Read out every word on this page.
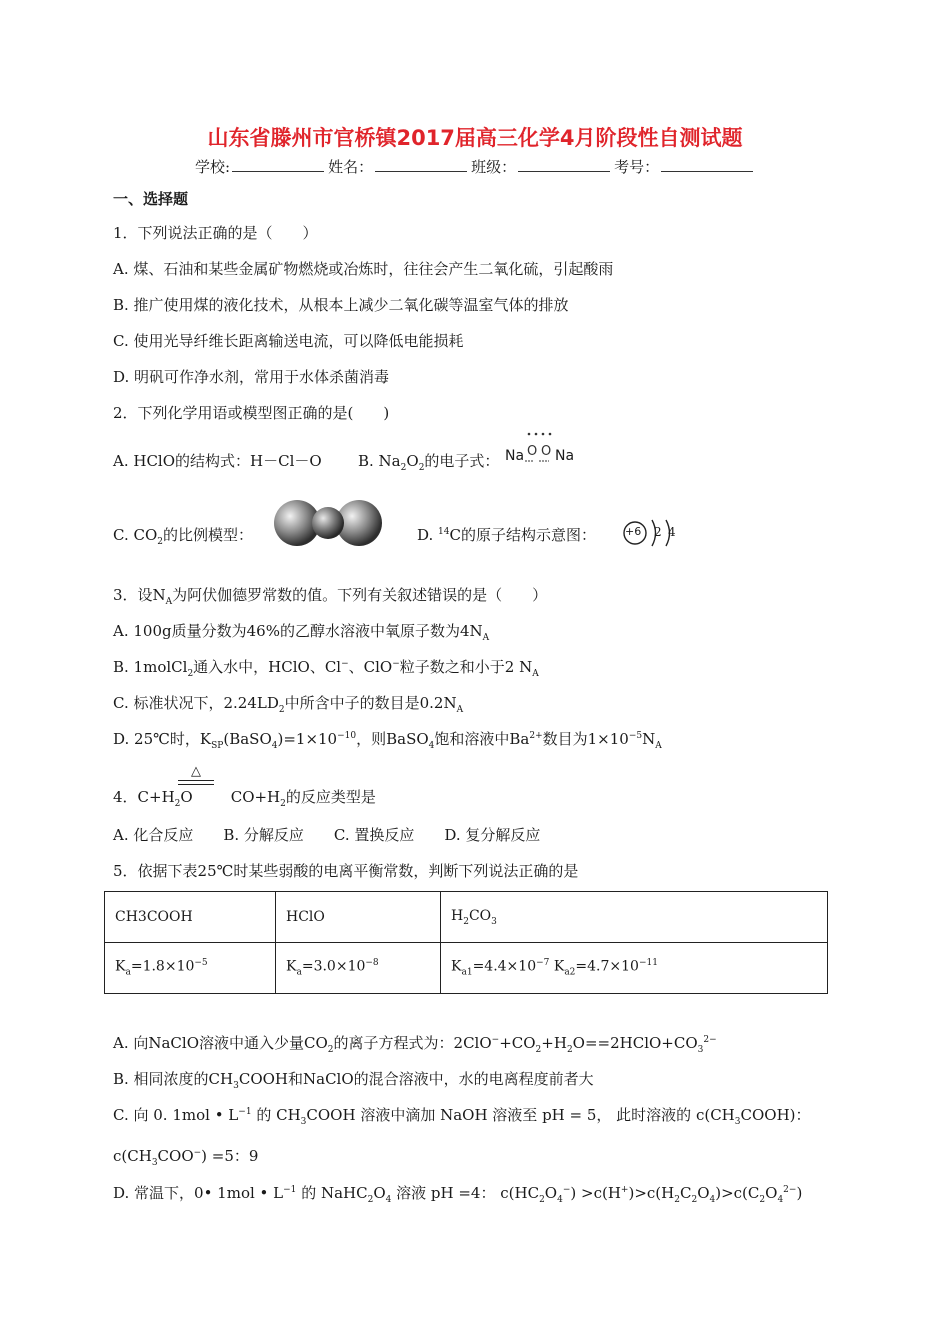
山东省滕州市官桥镇2017届高三化学4月阶段性自测试题
学校:	姓名：	班级：	考号：
一、选择题
1．下列说法正确的是（　　）
A. 煤、石油和某些金属矿物燃烧或冶炼时，往往会产生二氧化硫，引起酸雨
B. 推广使用煤的液化技术，从根本上减少二氧化碳等温室气体的排放
C. 使用光导纤维长距离输送电流，可以降低电能损耗
D. 明矾可作净水剂，常用于水体杀菌消毒
2．下列化学用语或模型图正确的是(　　)
A. HClO的结构式：H－Cl－O B. $Na_2O_2$的电子式：
O O
Na Na
C. $CO_2$的比例模型：	D. $^{14}$C的原子结构示意图：	+6 2 4
3．设$N_A$为阿伏伽德罗常数的值。下列有关叙述错误的是（　　）
A. 100g质量分数为46%的乙醇水溶液中氧原子数为$4N_A$
B. 1molCl$_2$通入水中，HClO、Cl−、ClO−粒子数之和小于2 $N_A$
C. 标准状况下，$2.24LD_2$中所含中子的数目是$0.2N_A$
D. 25℃时，$K_{SP}(BaSO_4)=1\times 10^{-10}$，则BaSO$_4$饱和溶液中$Ba^{2+}$数目为$1\times 10^{-5}N_A$
△
4．$C+H_2O$	$CO+H_2$的反应类型是
A. 化合反应　　B. 分解反应　　C. 置换反应　　D. 复分解反应
5．依据下表25℃时某些弱酸的电离平衡常数，判断下列说法正确的是
CH3COOH	HClO	$H_2CO_3$
$K_a=1.8\times 10^{-5}$	$K_a=3.0\times 10^{-8}$	$K_{a1}=4.4\times 10^{-7}$ $K_{a2}=4.7\times 10^{-11}$
A. 向NaClO溶液中通入少量$CO_2$的离子方程式为：$2ClO^-+CO_2+H_2O==2HClO+CO_3^{2-}$
B. 相同浓度的$CH_3COOH$和NaClO的混合溶液中，水的电离程度前者大
C. 向 0. 1mol • $L^{-1}$ 的 $CH_3COOH$ 溶液中滴加 NaOH 溶液至 pH = 5， 此时溶液的 $c(CH_3COOH)$：
$c(CH_3COO^-) =5$：9
D. 常温下，0• 1mol • $L^{-1}$ 的 $NaHC_2O_4$ 溶液 pH =4： $c(HC_2O_4^-) >c(H^+)>c(H_2C_2O_4)>c(C_2O_4^{2-})$
